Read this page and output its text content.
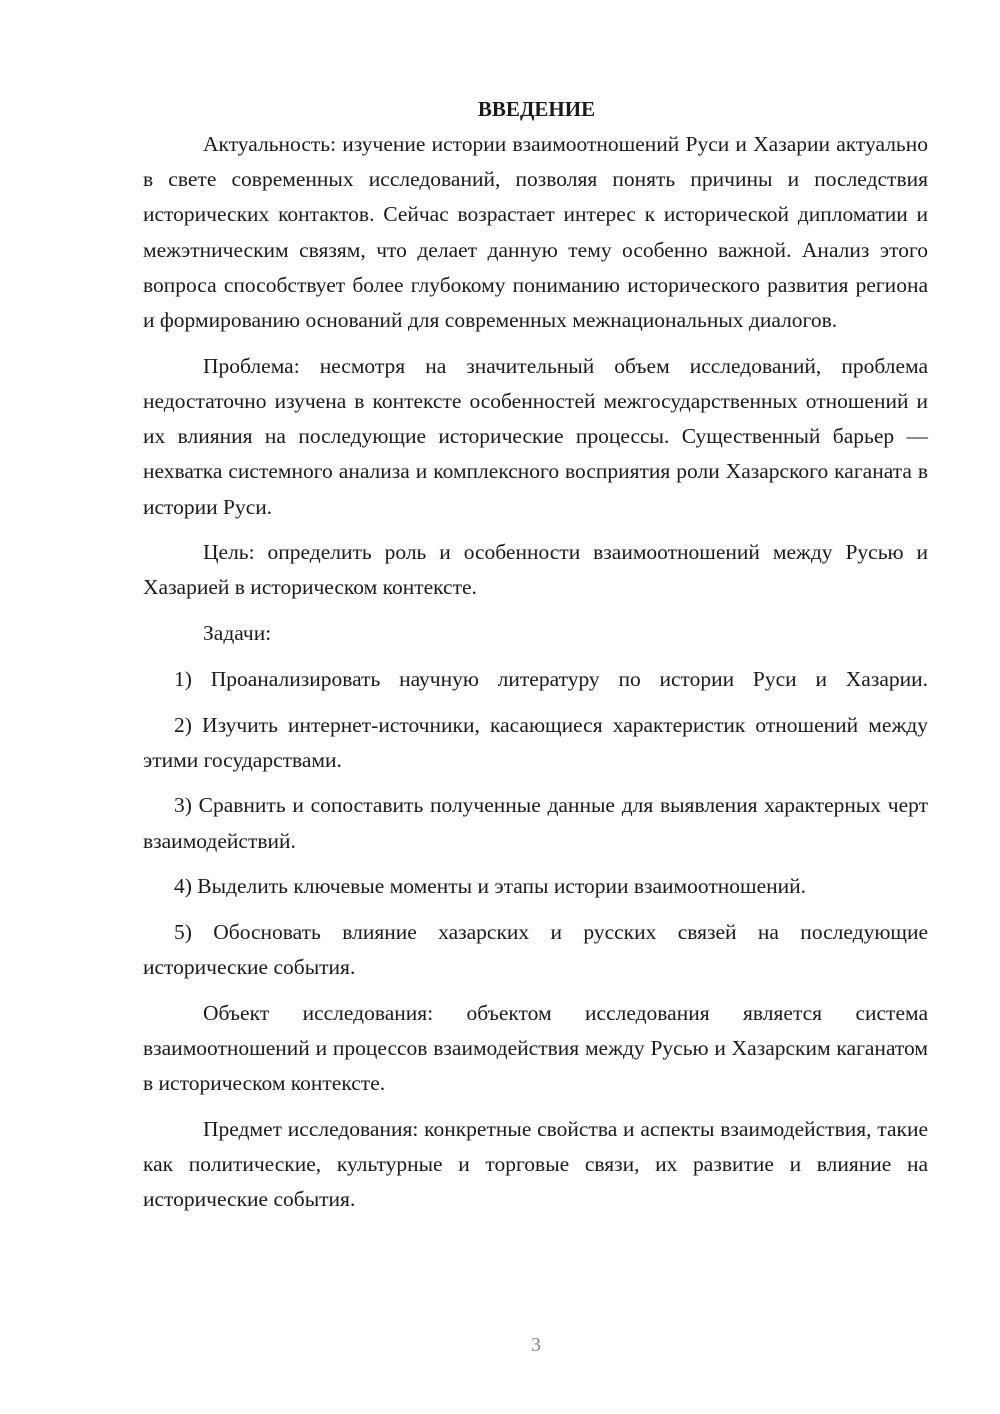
ВВЕДЕНИЕ

Актуальность: изучение истории взаимоотношений Руси и Хазарии актуально в свете современных исследований, позволяя понять причины и последствия исторических контактов. Сейчас возрастает интерес к исторической дипломатии и межэтническим связям, что делает данную тему особенно важной. Анализ этого вопроса способствует более глубокому пониманию исторического развития региона и формированию оснований для современных межнациональных диалогов.

Проблема: несмотря на значительный объем исследований, проблема недостаточно изучена в контексте особенностей межгосударственных отношений и их влияния на последующие исторические процессы. Существенный барьер — нехватка системного анализа и комплексного восприятия роли Хазарского каганата в истории Руси.

Цель: определить роль и особенности взаимоотношений между Русью и Хазарией в историческом контексте.

Задачи:

1) Проанализировать научную литературу по истории Руси и Хазарии.

2) Изучить интернет-источники, касающиеся характеристик отношений между этими государствами.

3) Сравнить и сопоставить полученные данные для выявления характерных черт взаимодействий.

4) Выделить ключевые моменты и этапы истории взаимоотношений.

5) Обосновать влияние хазарских и русских связей на последующие исторические события.

Объект исследования: объектом исследования является система взаимоотношений и процессов взаимодействия между Русью и Хазарским каганатом в историческом контексте.

Предмет исследования: конкретные свойства и аспекты взаимодействия, такие как политические, культурные и торговые связи, их развитие и влияние на исторические события.

3
